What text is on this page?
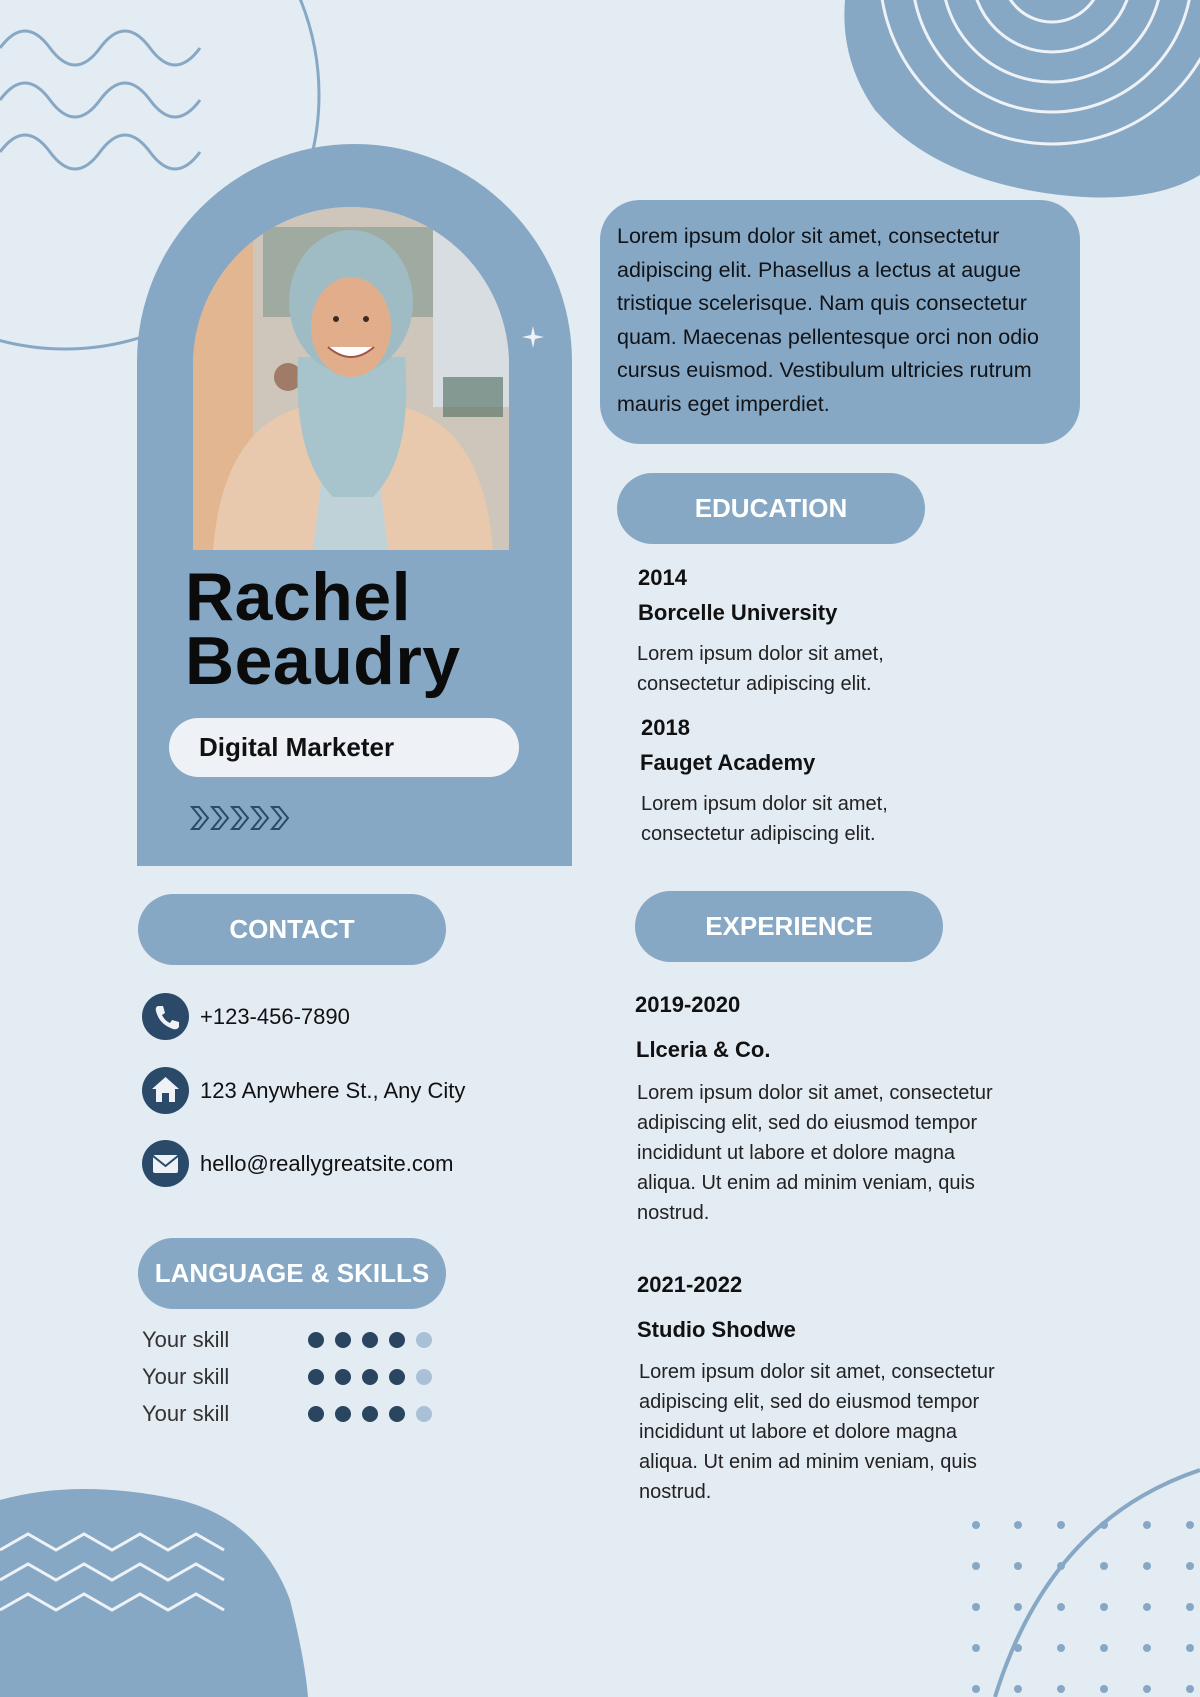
Rachel
Beaudry
Digital Marketer
Lorem ipsum dolor sit amet, consectetur adipiscing elit. Phasellus a lectus at augue tristique scelerisque. Nam quis consectetur quam. Maecenas pellentesque orci non odio cursus euismod. Vestibulum ultricies rutrum mauris eget imperdiet.
EDUCATION
2014
Borcelle University
Lorem ipsum dolor sit amet,
consectetur adipiscing elit.
2018
Fauget Academy
Lorem ipsum dolor sit amet,
consectetur adipiscing elit.
EXPERIENCE
2019-2020
Llceria & Co.
Lorem ipsum dolor sit amet, consectetur
adipiscing elit, sed do eiusmod tempor
incididunt ut labore et dolore magna
aliqua. Ut enim ad minim veniam, quis
nostrud.
2021-2022
Studio Shodwe
Lorem ipsum dolor sit amet, consectetur
adipiscing elit, sed do eiusmod tempor
incididunt ut labore et dolore magna
aliqua. Ut enim ad minim veniam, quis
nostrud.
CONTACT
+123-456-7890
123 Anywhere St., Any City
hello@reallygreatsite.com
LANGUAGE & SKILLS
Your skill
Your skill
Your skill
